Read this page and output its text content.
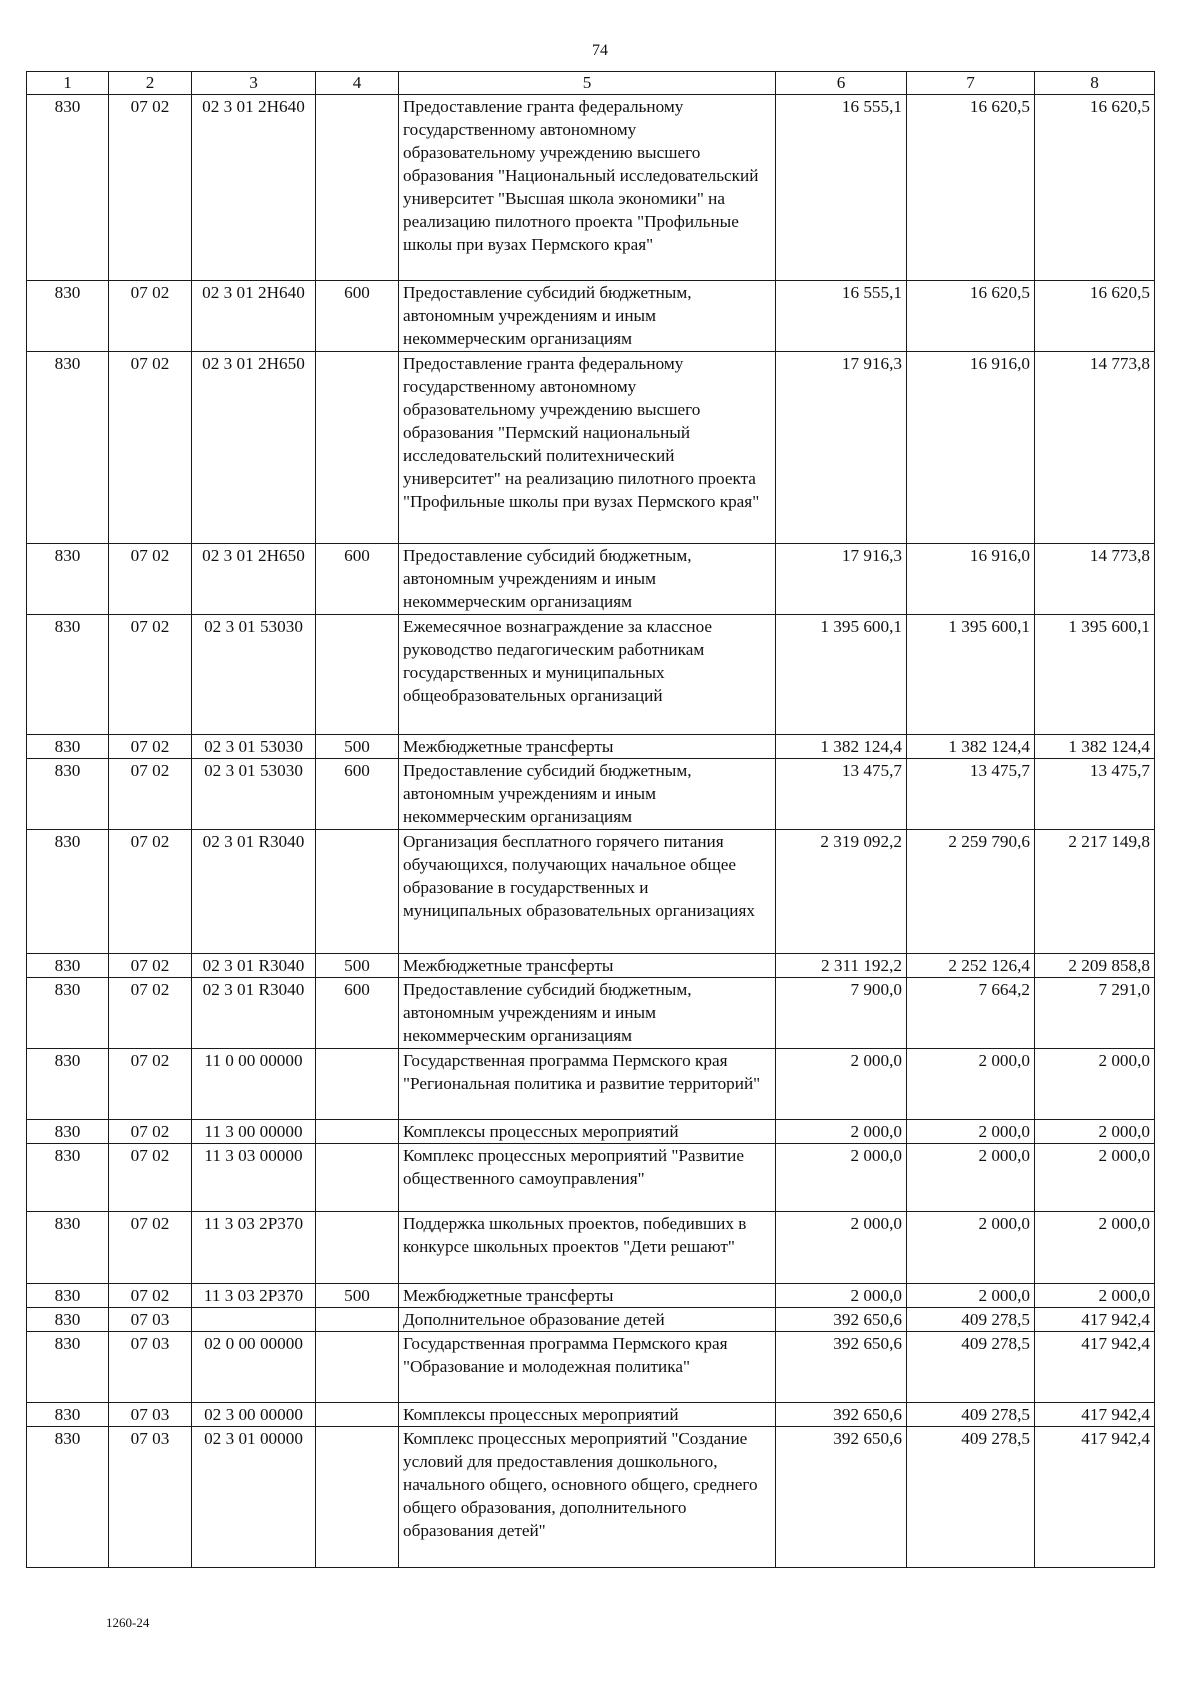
74
1	2	3	4	5	6	7	8
830	07 02	02 3 01 2H640		Предоставление гранта федеральному государственному автономному образовательному учреждению высшего образования "Национальный исследовательский университет "Высшая школа экономики" на реализацию пилотного проекта "Профильные школы при вузах Пермского края"	16 555,1	16 620,5	16 620,5
830	07 02	02 3 01 2H640	600	Предоставление субсидий бюджетным, автономным учреждениям и иным некоммерческим организациям	16 555,1	16 620,5	16 620,5
830	07 02	02 3 01 2H650		Предоставление гранта федеральному государственному автономному образовательному учреждению высшего образования "Пермский национальный исследовательский политехнический университет" на реализацию пилотного проекта "Профильные школы при вузах Пермского края"	17 916,3	16 916,0	14 773,8
830	07 02	02 3 01 2H650	600	Предоставление субсидий бюджетным, автономным учреждениям и иным некоммерческим организациям	17 916,3	16 916,0	14 773,8
830	07 02	02 3 01 53030		Ежемесячное вознаграждение за классное руководство педагогическим работникам государственных и муниципальных общеобразовательных организаций	1 395 600,1	1 395 600,1	1 395 600,1
830	07 02	02 3 01 53030	500	Межбюджетные трансферты	1 382 124,4	1 382 124,4	1 382 124,4
830	07 02	02 3 01 53030	600	Предоставление субсидий бюджетным, автономным учреждениям и иным некоммерческим организациям	13 475,7	13 475,7	13 475,7
830	07 02	02 3 01 R3040		Организация бесплатного горячего питания обучающихся, получающих начальное общее образование в государственных и муниципальных образовательных организациях	2 319 092,2	2 259 790,6	2 217 149,8
830	07 02	02 3 01 R3040	500	Межбюджетные трансферты	2 311 192,2	2 252 126,4	2 209 858,8
830	07 02	02 3 01 R3040	600	Предоставление субсидий бюджетным, автономным учреждениям и иным некоммерческим организациям	7 900,0	7 664,2	7 291,0
830	07 02	11 0 00 00000		Государственная программа Пермского края "Региональная политика и развитие территорий"	2 000,0	2 000,0	2 000,0
830	07 02	11 3 00 00000		Комплексы процессных мероприятий	2 000,0	2 000,0	2 000,0
830	07 02	11 3 03 00000		Комплекс процессных мероприятий "Развитие общественного самоуправления"	2 000,0	2 000,0	2 000,0
830	07 02	11 3 03 2P370		Поддержка школьных проектов, победивших в конкурсе школьных проектов "Дети решают"	2 000,0	2 000,0	2 000,0
830	07 02	11 3 03 2P370	500	Межбюджетные трансферты	2 000,0	2 000,0	2 000,0
830	07 03			Дополнительное образование детей	392 650,6	409 278,5	417 942,4
830	07 03	02 0 00 00000		Государственная программа Пермского края "Образование и молодежная политика"	392 650,6	409 278,5	417 942,4
830	07 03	02 3 00 00000		Комплексы процессных мероприятий	392 650,6	409 278,5	417 942,4
830	07 03	02 3 01 00000		Комплекс процессных мероприятий "Создание условий для предоставления дошкольного, начального общего, основного общего, среднего общего образования, дополнительного образования детей"	392 650,6	409 278,5	417 942,4
1260-24
